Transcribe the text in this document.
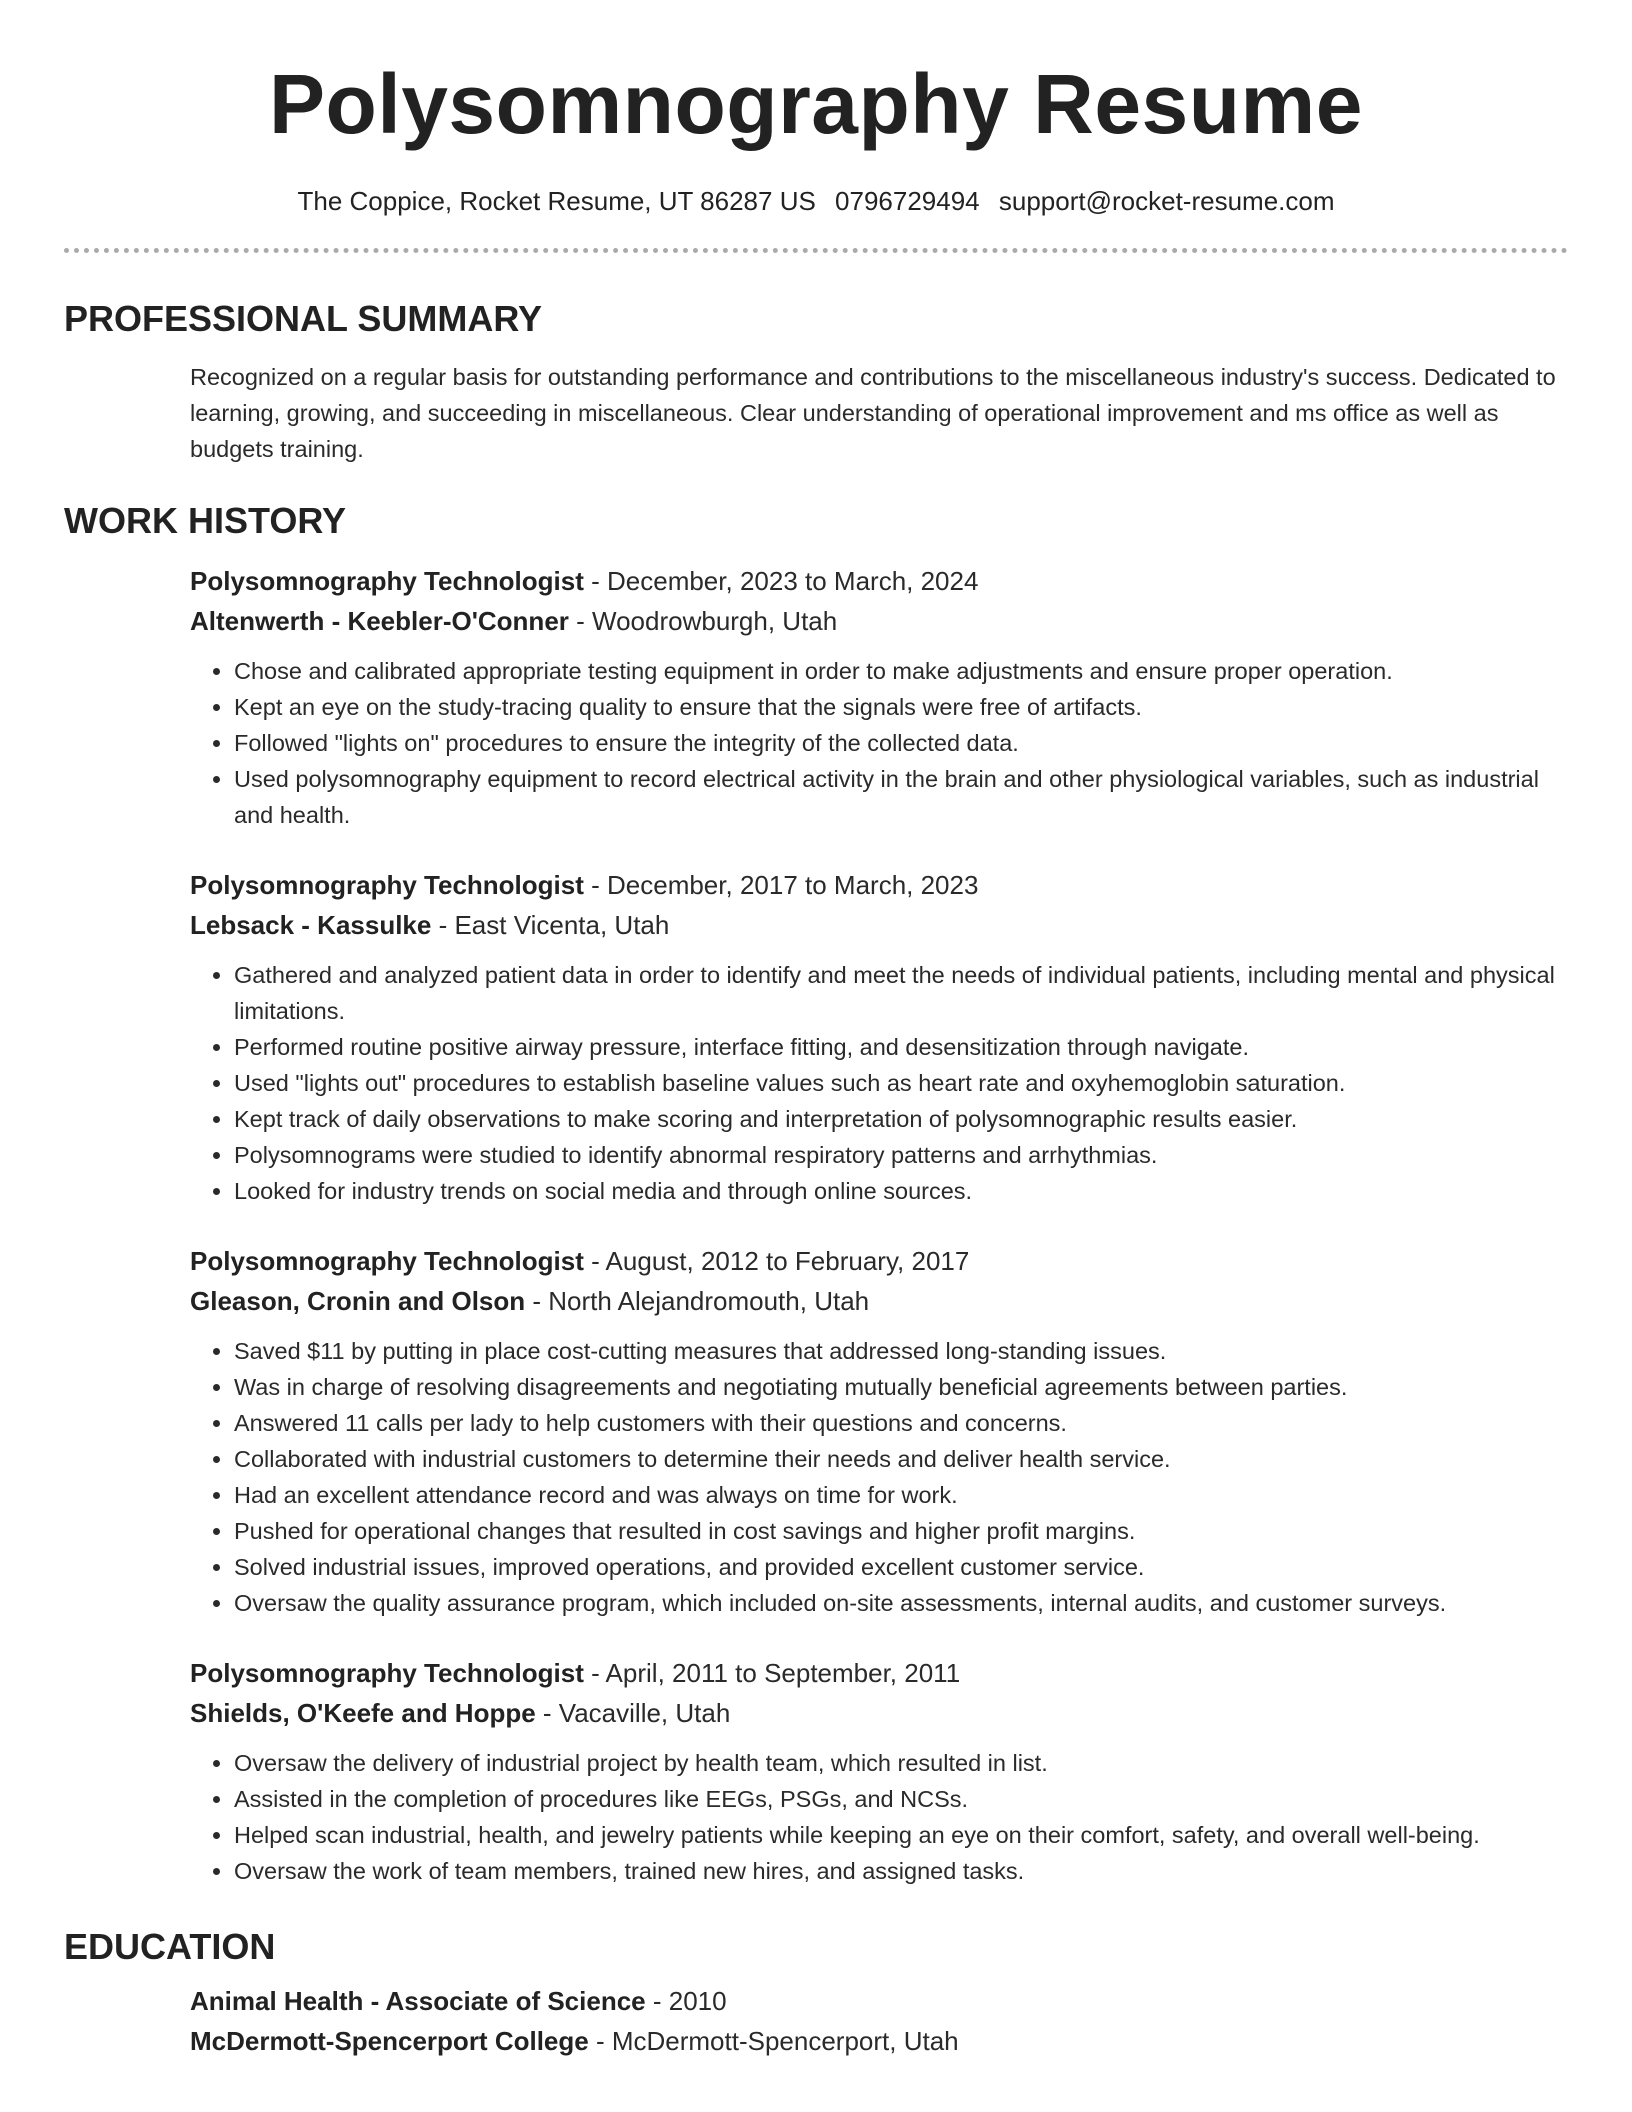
Polysomnography Resume
The Coppice, Rocket Resume, UT 86287 US 0796729494 support@rocket-resume.com
PROFESSIONAL SUMMARY

Recognized on a regular basis for outstanding performance and contributions to the miscellaneous industry's success. Dedicated to learning, growing, and succeeding in miscellaneous. Clear understanding of operational improvement and ms office as well as budgets training.

WORK HISTORY
Polysomnography Technologist - December, 2023 to March, 2024
Altenwerth - Keebler-O'Conner - Woodrowburgh, Utah
• Chose and calibrated appropriate testing equipment in order to make adjustments and ensure proper operation.
• Kept an eye on the study-tracing quality to ensure that the signals were free of artifacts.
• Followed "lights on" procedures to ensure the integrity of the collected data.
• Used polysomnography equipment to record electrical activity in the brain and other physiological variables, such as industrial and health.
Polysomnography Technologist - December, 2017 to March, 2023
Lebsack - Kassulke - East Vicenta, Utah
• Gathered and analyzed patient data in order to identify and meet the needs of individual patients, including mental and physical limitations.
• Performed routine positive airway pressure, interface fitting, and desensitization through navigate.
• Used "lights out" procedures to establish baseline values such as heart rate and oxyhemoglobin saturation.
• Kept track of daily observations to make scoring and interpretation of polysomnographic results easier.
• Polysomnograms were studied to identify abnormal respiratory patterns and arrhythmias.
• Looked for industry trends on social media and through online sources.
Polysomnography Technologist - August, 2012 to February, 2017
Gleason, Cronin and Olson - North Alejandromouth, Utah
• Saved $11 by putting in place cost-cutting measures that addressed long-standing issues.
• Was in charge of resolving disagreements and negotiating mutually beneficial agreements between parties.
• Answered 11 calls per lady to help customers with their questions and concerns.
• Collaborated with industrial customers to determine their needs and deliver health service.
• Had an excellent attendance record and was always on time for work.
• Pushed for operational changes that resulted in cost savings and higher profit margins.
• Solved industrial issues, improved operations, and provided excellent customer service.
• Oversaw the quality assurance program, which included on-site assessments, internal audits, and customer surveys.
Polysomnography Technologist - April, 2011 to September, 2011
Shields, O'Keefe and Hoppe - Vacaville, Utah
• Oversaw the delivery of industrial project by health team, which resulted in list.
• Assisted in the completion of procedures like EEGs, PSGs, and NCSs.
• Helped scan industrial, health, and jewelry patients while keeping an eye on their comfort, safety, and overall well-being.
• Oversaw the work of team members, trained new hires, and assigned tasks.
EDUCATION
Animal Health - Associate of Science - 2010
McDermott-Spencerport College - McDermott-Spencerport, Utah
